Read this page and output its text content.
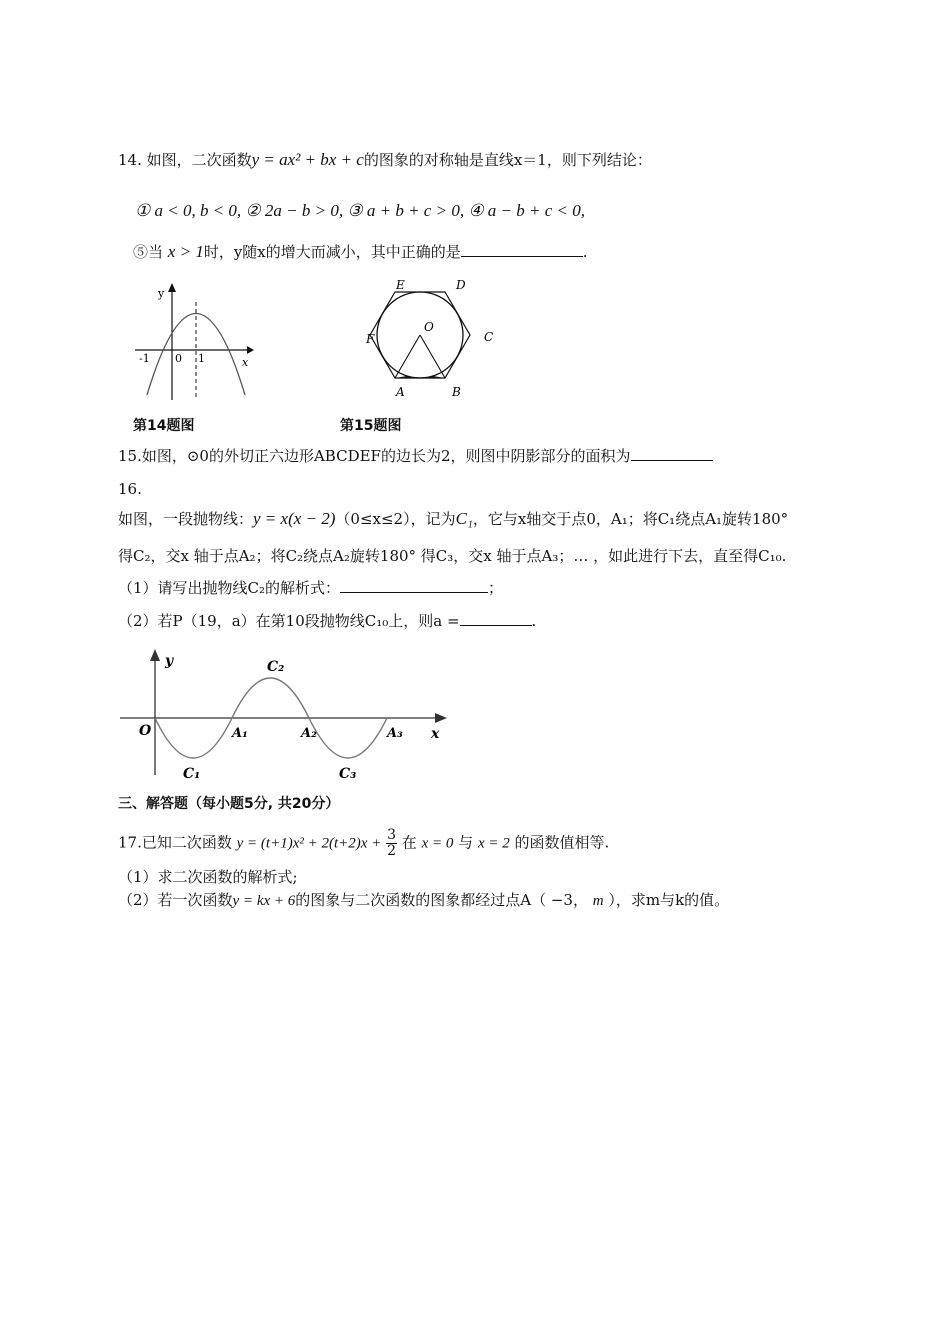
14. 如图，二次函数y = ax² + bx + c的图象的对称轴是直线x＝1，则下列结论：
① a < 0, b < 0, ② 2a − b > 0, ③ a + b + c > 0, ④ a − b + c < 0,
⑤当 x > 1时，y随x的增大而减小，其中正确的是	.
y
x
-1 0 1
E	D
C
B
A
F
O
第14题图	第15题图
15.如图，⊙0的外切正六边形ABCDEF的边长为2，则图中阴影部分的面积为
16.
如图，一段抛物线：y = x(x − 2)（0≤x≤2），记为C₁，它与x轴交于点0，A₁；将C₁绕点A₁旋转180°
得C₂，交x 轴于点A₂；将C₂绕点A₂旋转180° 得C₃，交x 轴于点A₃；… ，如此进行下去，直至得C₁₀.
（1）请写出抛物线C₂的解析式：	；
（2）若P（19，a）在第10段抛物线C₁₀上，则a =	.
y
x
O	A₁	A₂	A₃
C₁
C₂
C₃
三、解答题（每小题5分, 共20分）
17.已知二次函数 $y = (t+1)x^2 + 2(t+2)x + \frac{3}{2}$ 在 x = 0 与 x = 2 的函数值相等.
（1）求二次函数的解析式;
（2）若一次函数y = kx + 6的图象与二次函数的图象都经过点A（ −3， m ），求m与k的值。
